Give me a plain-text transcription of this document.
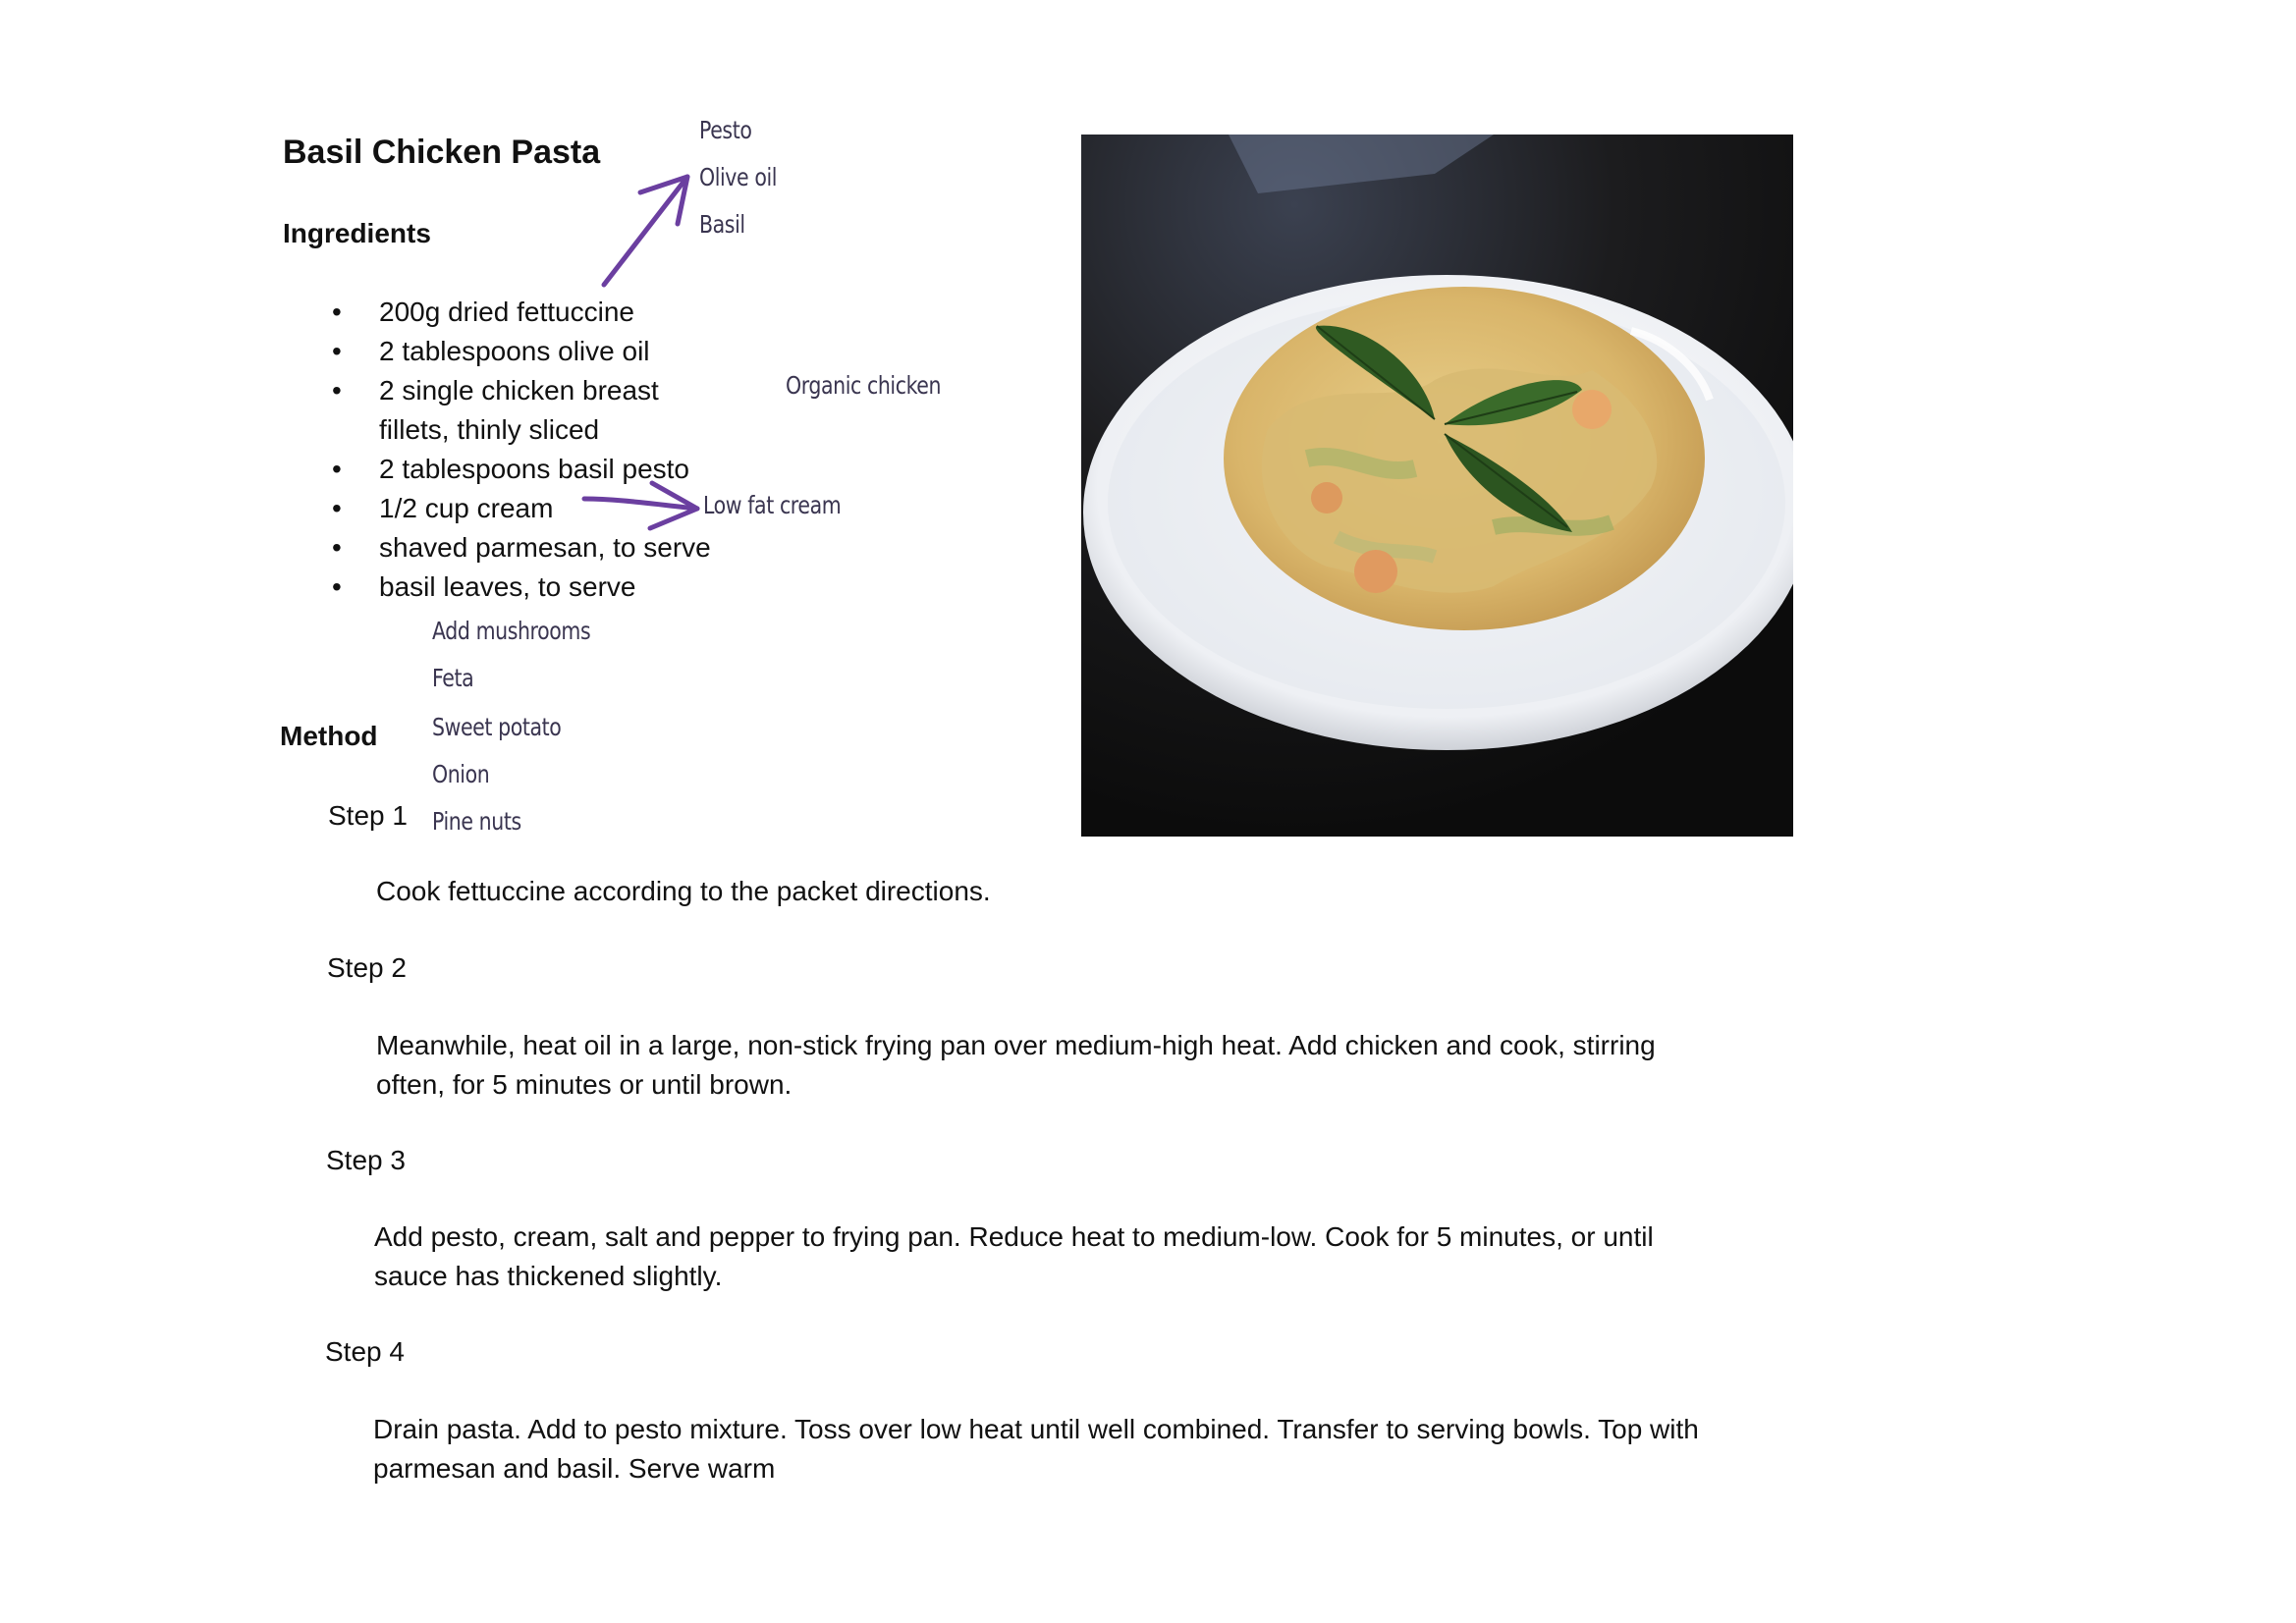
Basil Chicken Pasta
Ingredients
• 200g dried fettuccine
• 2 tablespoons olive oil
• 2 single chicken breast fillets, thinly sliced
• 2 tablespoons basil pesto
• 1/2 cup cream
• shaved parmesan, to serve
• basil leaves, to serve
Pesto
Olive oil
Basil
Organic chicken
Low fat cream
Add mushrooms
Feta
Sweet potato
Onion
Pine nuts
Method
Step 1
Cook fettuccine according to the packet directions.
Step 2
Meanwhile, heat oil in a large, non-stick frying pan over medium-high heat. Add chicken and cook, stirring often, for 5 minutes or until brown.
Step 3
Add pesto, cream, salt and pepper to frying pan. Reduce heat to medium-low. Cook for 5 minutes, or until sauce has thickened slightly.
Step 4
Drain pasta. Add to pesto mixture. Toss over low heat until well combined. Transfer to serving bowls. Top with parmesan and basil. Serve warm
